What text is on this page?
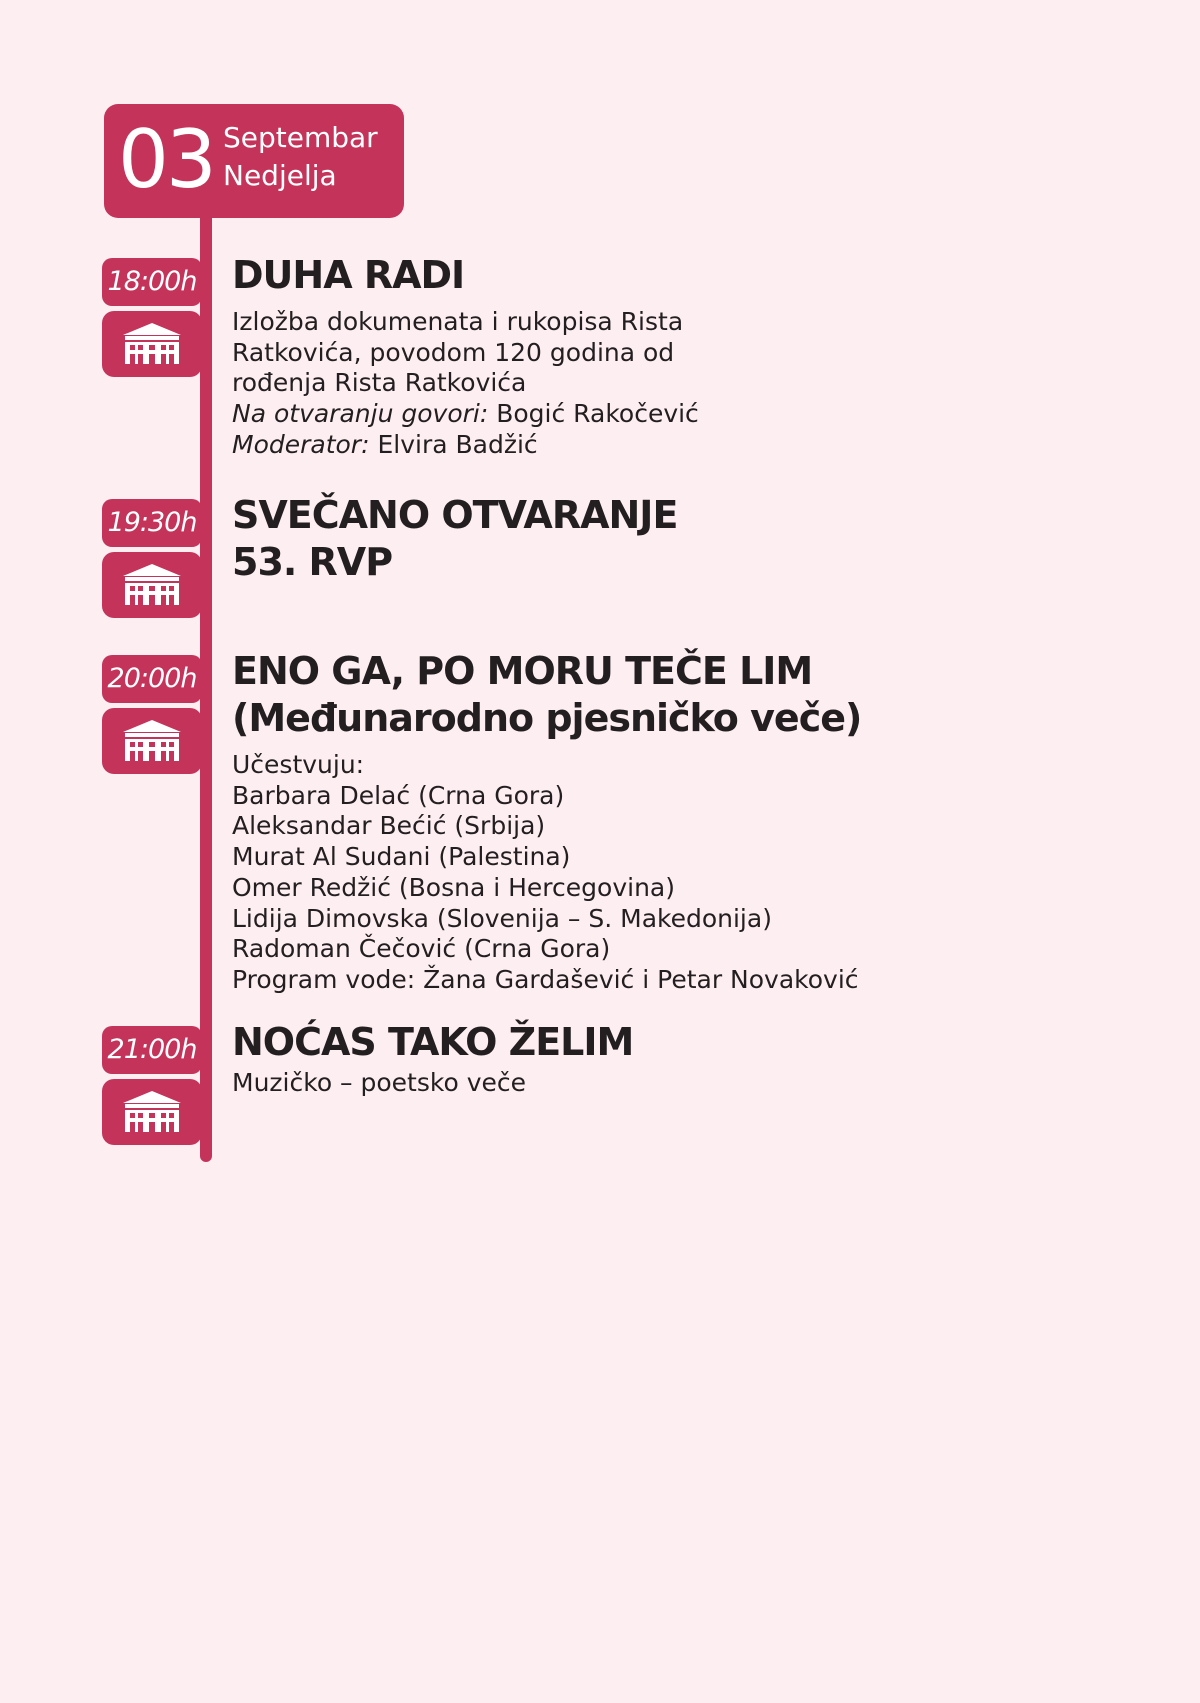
03 Septembar
Nedjelja
18:00h DUHA RADI
Izložba dokumenata i rukopisa Rista
Ratkovića, povodom 120 godina od
rođenja Rista Ratkovića
Na otvaranju govori: Bogić Rakočević
Moderator: Elvira Badžić
19:30h SVEČANO OTVARANJE
53. RVP
20:00h ENO GA, PO MORU TEČE LIM
(Međunarodno pjesničko veče)
Učestvuju:
Barbara Delać (Crna Gora)
Aleksandar Bećić (Srbija)
Murat Al Sudani (Palestina)
Omer Redžić (Bosna i Hercegovina)
Lidija Dimovska (Slovenija – S. Makedonija)
Radoman Čečović (Crna Gora)
Program vode: Žana Gardašević i Petar Novaković
21:00h NOĆAS TAKO ŽELIM
Muzičko – poetsko veče
